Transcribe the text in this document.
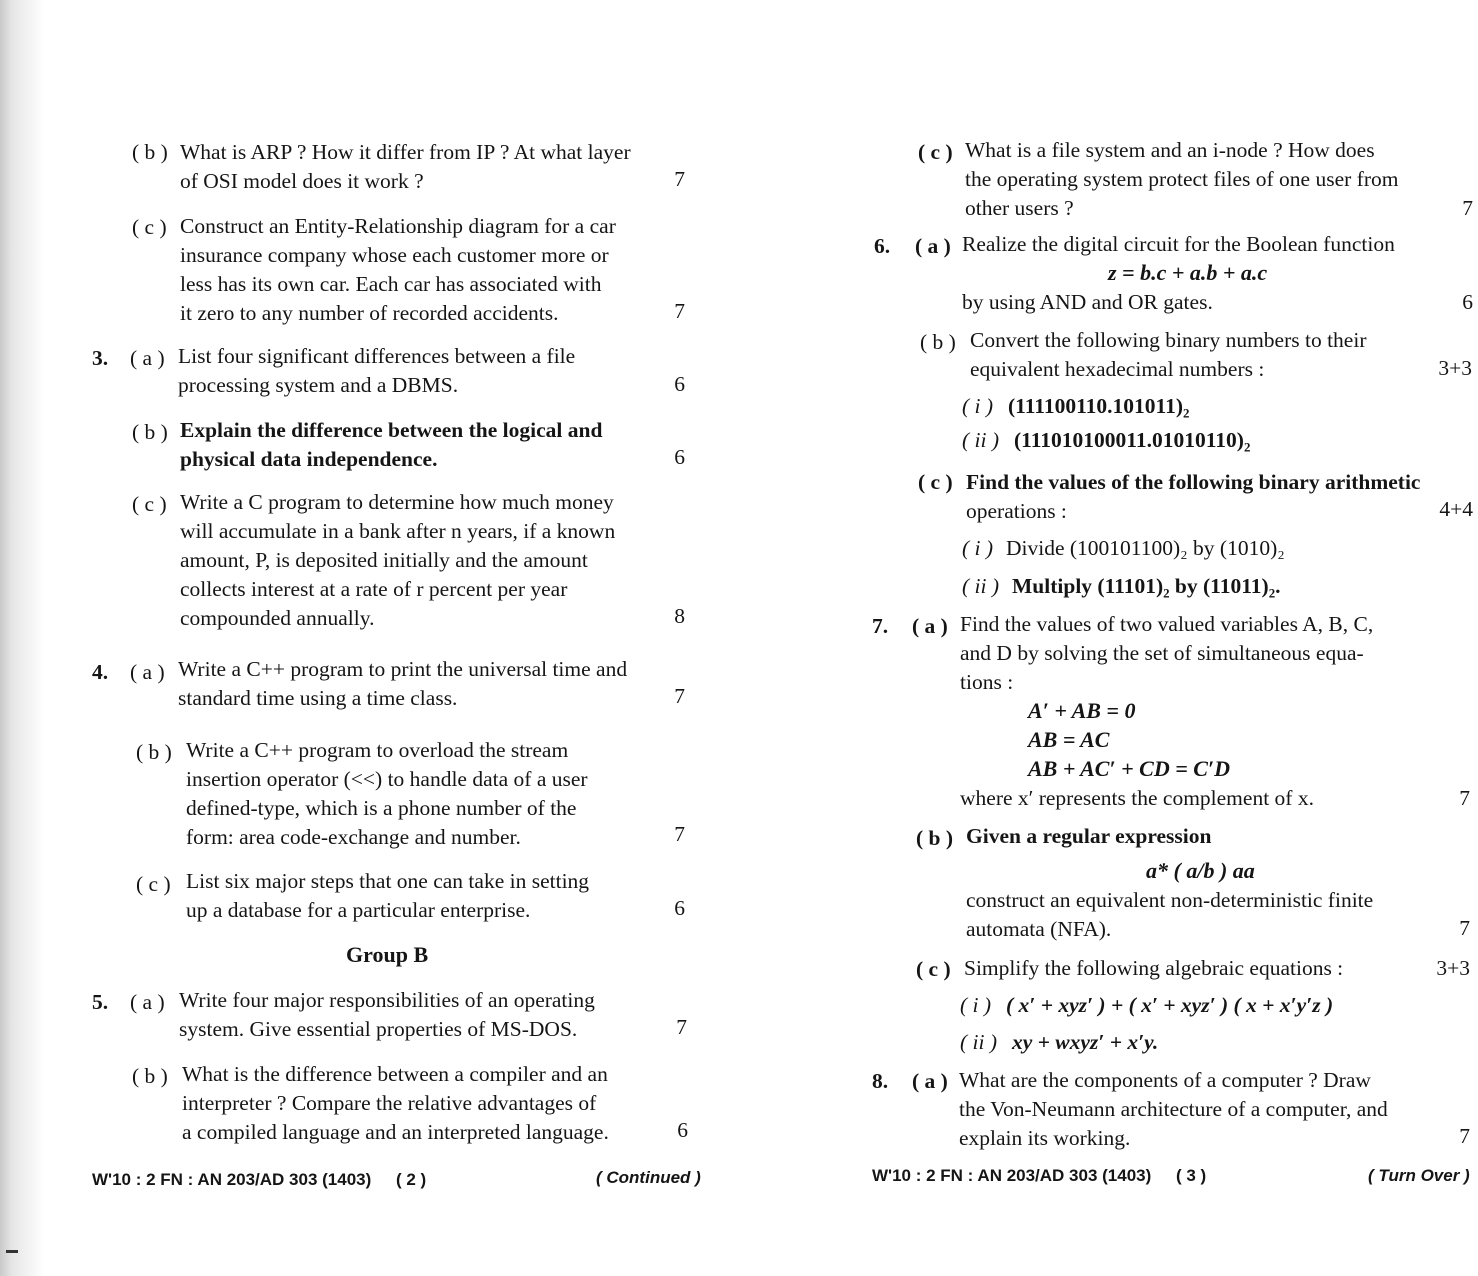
( b ) What is ARP ? How it differ from IP ? At what layer
of OSI model does it work ?	7
( c ) Construct an Entity-Relationship diagram for a car
insurance company whose each customer more or
less has its own car. Each car has associated with
it zero to any number of recorded accidents.	7
3. ( a ) List four significant differences between a file
processing system and a DBMS.	6
( b ) Explain the difference between the logical and
physical data independence.	6
( c ) Write a C program to determine how much money
will accumulate in a bank after n years, if a known
amount, P, is deposited initially and the amount
collects interest at a rate of r percent per year
compounded annually.	8
4. ( a ) Write a C++ program to print the universal time and
standard time using a time class.	7
( b ) Write a C++ program to overload the stream
insertion operator (<<) to handle data of a user
defined-type, which is a phone number of the
form: area code-exchange and number.	7
( c ) List six major steps that one can take in setting
up a database for a particular enterprise.	6
Group B
5. ( a ) Write four major responsibilities of an operating
system. Give essential properties of MS-DOS.	7
( b ) What is the difference between a compiler and an
interpreter ? Compare the relative advantages of
a compiled language and an interpreted language.	6
W'10 : 2 FN : AN 203/AD 303 (1403) ( 2 )	( Continued )
( c ) What is a file system and an i-node ? How does
the operating system protect files of one user from
other users ?	7
6. ( a ) Realize the digital circuit for the Boolean function
z = b.c + a.b + a.c
by using AND and OR gates.	6
( b ) Convert the following binary numbers to their
equivalent hexadecimal numbers :	3+3
( i ) (111100110.101011)₂
( ii ) (111010100011.01010110)₂
( c ) Find the values of the following binary arithmetic
operations :	4+4
( i ) Divide (100101100)₂ by (1010)₂
( ii ) Multiply (11101)₂ by (11011)₂.
7. ( a ) Find the values of two valued variables A, B, C,
and D by solving the set of simultaneous equa-
tions :
A′ + AB = 0
AB = AC
AB + AC′ + CD = C′D
where x′ represents the complement of x.	7
( b ) Given a regular expression
a* ( a/b ) aa
construct an equivalent non-deterministic finite
automata (NFA).	7
( c ) Simplify the following algebraic equations :	3+3
( i ) ( x′ + xyz′ ) + ( x′ + xyz′ ) ( x + x′y′z )
( ii ) xy + wxyz′ + x′y.
8. ( a ) What are the components of a computer ? Draw
the Von-Neumann architecture of a computer, and
explain its working.	7
W'10 : 2 FN : AN 203/AD 303 (1403) ( 3 )	( Turn Over )
